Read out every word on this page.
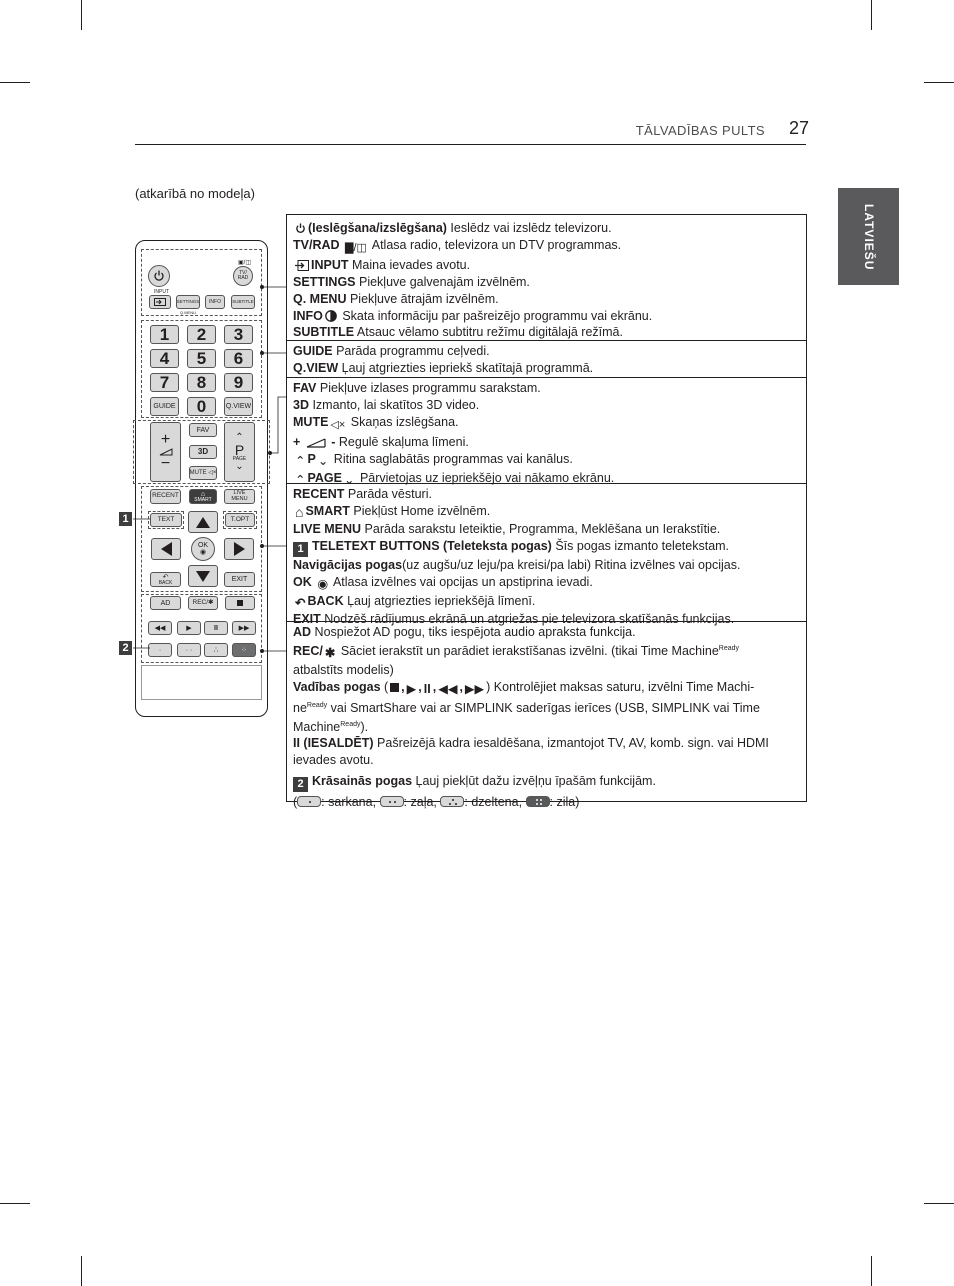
TĀLVADĪBAS PULTS 27
LATVIEŠU
(atkarībā no modeļa)
INPUT
▣/◫
TV/
RAD
SETTINGS	INFO	SUBTITLE
Q.MENU
1	2	3
4	5	6
7	8	9
GUIDE	0	Q.VIEW
+
−
FAV
3D
MUTE ◁×
⌃
P
PAGE
⌄
RECENT	⌂
SMART
LIVE
MENU
TEXT	T.OPT
OK
◉
↶
BACK	EXIT
AD	REC/ ✱
◀◀	▶	II	▶▶
·	· ·	∴	⁘
1
2
(Ieslēgšana/izslēgšana) Ieslēdz vai izslēdz televizoru.
TV/RAD ▇/◫ Atlasa radio, televizora un DTV programmas.
INPUT Maina ievades avotu.
SETTINGS Piekļuve galvenajām izvēlnēm.
Q. MENU Piekļuve ātrajām izvēlnēm.
INFO Skata informāciju par pašreizējo programmu vai ekrānu.
SUBTITLE Atsauc vēlamo subtitru režīmu digitālajā režīmā.
GUIDE Parāda programmu ceļvedi.
Q.VIEW Ļauj atgriezties iepriekš skatītajā programmā.
FAV Piekļuve izlases programmu sarakstam.
3D Izmanto, lai skatītos 3D video.
MUTE ◁× Skaņas izslēgšana.
+  - Regulē skaļuma līmeni.
⌃ P ⌄ Ritina saglabātās programmas vai kanālus.
⌃ PAGE ⌄ Pārvietojas uz iepriekšējo vai nākamo ekrānu.
RECENT Parāda vēsturi.
⌂ SMART Piekļūst Home izvēlnēm.
LIVE MENU Parāda sarakstu Ieteiktie, Programma, Meklēšana un Ierakstītie.
1 TELETEXT BUTTONS (Teleteksta pogas) Šīs pogas izmanto teletekstam.
Navigācijas pogas(uz augšu/uz leju/pa kreisi/pa labi) Ritina izvēlnes vai opcijas.
OK ◉ Atlasa izvēlnes vai opcijas un apstiprina ievadi.
↶ BACK Ļauj atgriezties iepriekšējā līmenī.
EXIT Nodzēš rādījumus ekrānā un atgriežas pie televizora skatīšanās funkcijas.
AD Nospiežot AD pogu, tiks iespējota audio apraksta funkcija.
REC/ ✱ Sāciet ierakstīt un parādiet ierakstīšanas izvēlni. (tikai Time Machine$^{Ready}$
atbalstīts modelis)
Vadības pogas ( , ▶ , II , ◀◀ , ▶▶ ) Kontrolējiet maksas saturu, izvēlni Time Machi-
$ne^{Ready}$ vai SmartShare vai ar SIMPLINK saderīgas ierīces (USB, SIMPLINK vai Time
Machine$^{Ready}$).
II (IESALDĒT) Pašreizējā kadra iesaldēšana, izmantojot TV, AV, komb. sign. vai HDMI ievades avotu.
2 Krāsainās pogas Ļauj piekļūt dažu izvēļņu īpašām funkcijām.
( : sarkana,
: zaļa,
: dzeltena,
: zila)
